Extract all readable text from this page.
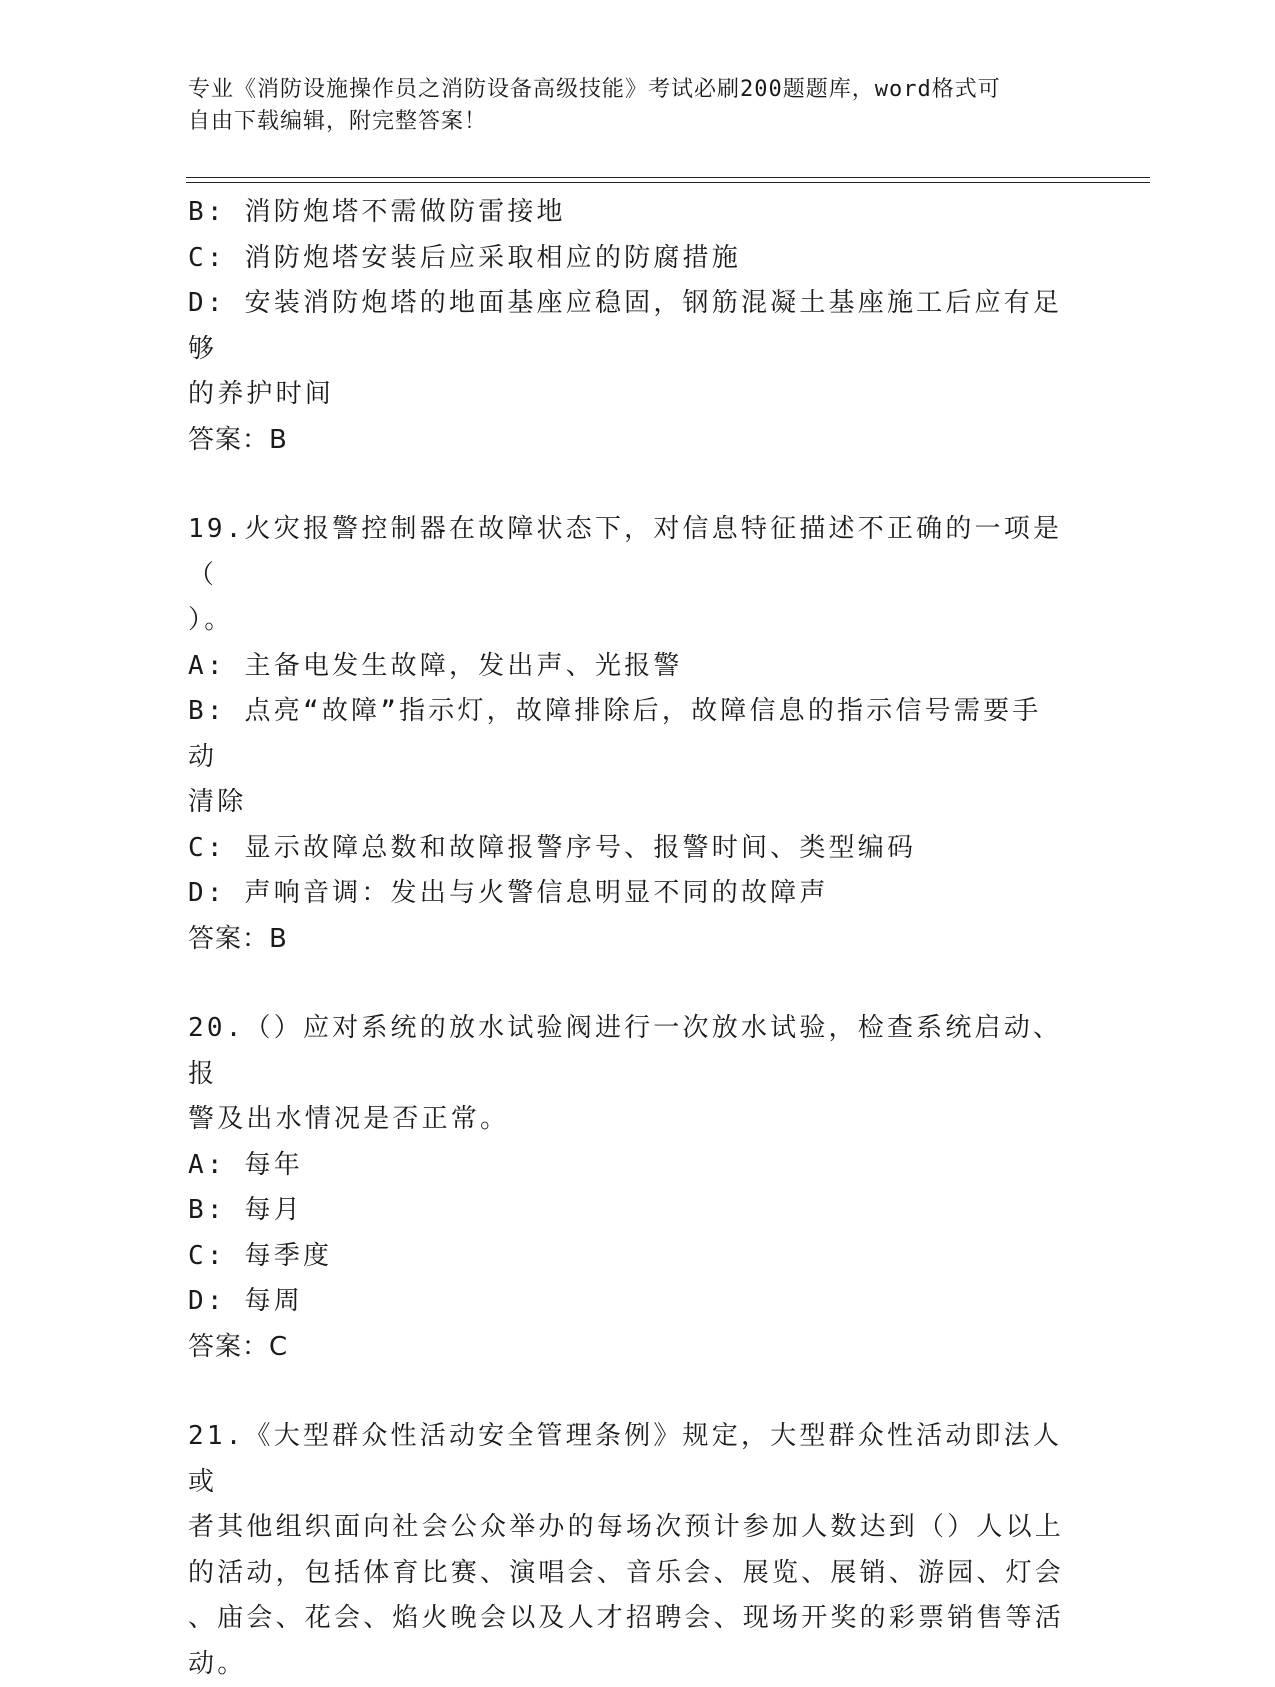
专业《消防设施操作员之消防设备高级技能》考试必刷200题题库，word格式可

自由下载编辑，附完整答案！

B: 消防炮塔不需做防雷接地

C: 消防炮塔安装后应采取相应的防腐措施

D: 安装消防炮塔的地面基座应稳固，钢筋混凝土基座施工后应有足够

的养护时间

答案：B

19.火灾报警控制器在故障状态下，对信息特征描述不正确的一项是（

）。

A: 主备电发生故障，发出声、光报警

B: 点亮“故障”指示灯，故障排除后，故障信息的指示信号需要手动

清除

C: 显示故障总数和故障报警序号、报警时间、类型编码

D: 声响音调：发出与火警信息明显不同的故障声

答案：B

20.（）应对系统的放水试验阀进行一次放水试验，检查系统启动、报

警及出水情况是否正常。

A: 每年

B: 每月

C: 每季度

D: 每周

答案：C

21.《大型群众性活动安全管理条例》规定，大型群众性活动即法人或

者其他组织面向社会公众举办的每场次预计参加人数达到（）人以上

的活动，包括体育比赛、演唱会、音乐会、展览、展销、游园、灯会

、庙会、花会、焰火晚会以及人才招聘会、现场开奖的彩票销售等活

动。
